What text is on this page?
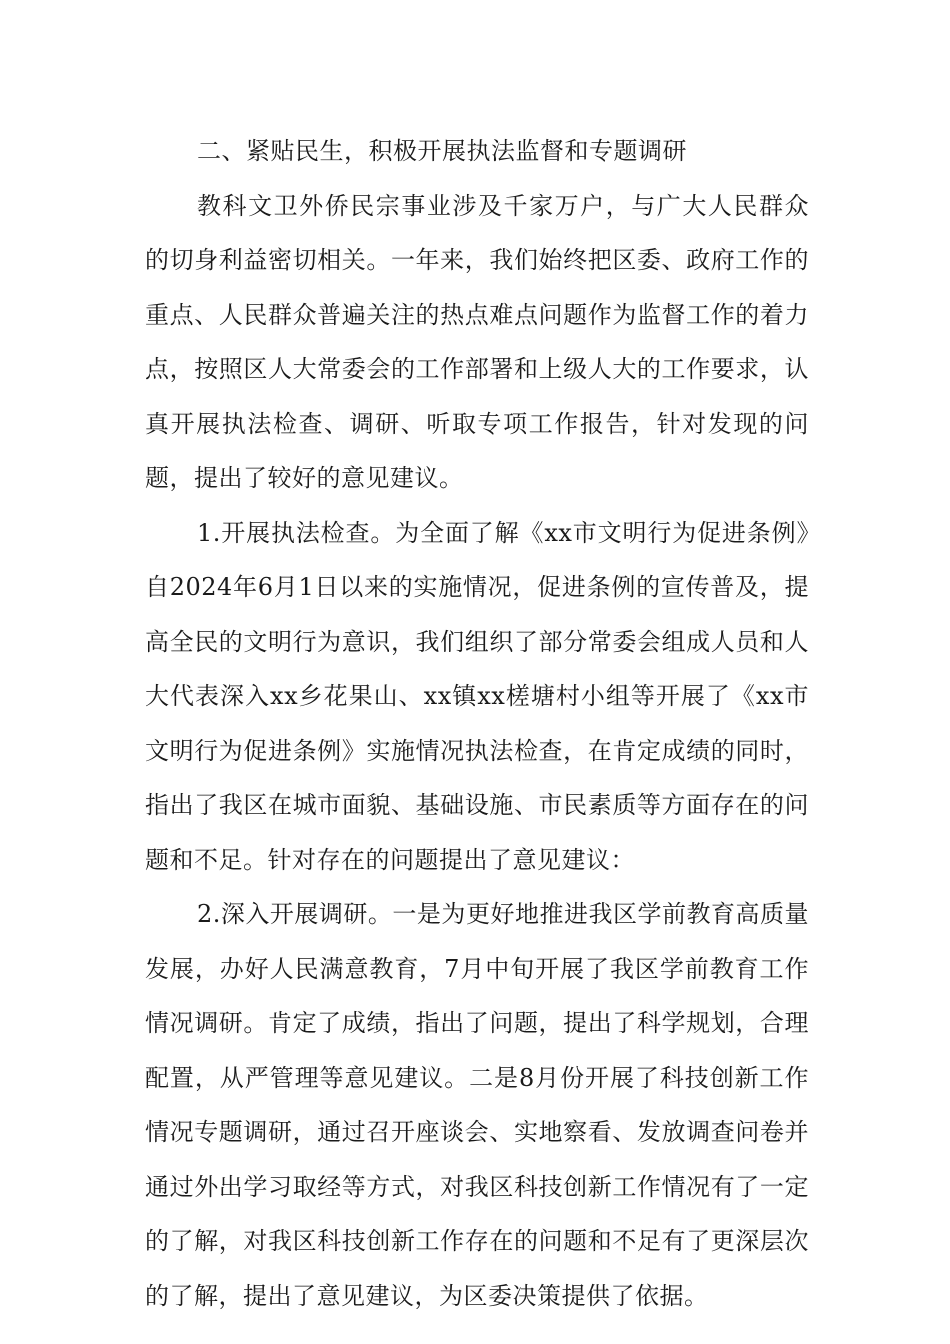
二、紧贴民生，积极开展执法监督和专题调研

教科文卫外侨民宗事业涉及千家万户，与广大人民群众的切身利益密切相关。一年来，我们始终把区委、政府工作的重点、人民群众普遍关注的热点难点问题作为监督工作的着力点，按照区人大常委会的工作部署和上级人大的工作要求，认真开展执法检查、调研、听取专项工作报告，针对发现的问题，提出了较好的意见建议。

1.开展执法检查。为全面了解《xx市文明行为促进条例》自2024年6月1日以来的实施情况，促进条例的宣传普及，提高全民的文明行为意识，我们组织了部分常委会组成人员和人大代表深入xx乡花果山、xx镇xx槎塘村小组等开展了《xx市文明行为促进条例》实施情况执法检查，在肯定成绩的同时，指出了我区在城市面貌、基础设施、市民素质等方面存在的问题和不足。针对存在的问题提出了意见建议：

2.深入开展调研。一是为更好地推进我区学前教育高质量发展，办好人民满意教育，7月中旬开展了我区学前教育工作情况调研。肯定了成绩，指出了问题，提出了科学规划，合理配置，从严管理等意见建议。二是8月份开展了科技创新工作情况专题调研，通过召开座谈会、实地察看、发放调查问卷并通过外出学习取经等方式，对我区科技创新工作情况有了一定的了解，对我区科技创新工作存在的问题和不足有了更深层次的了解，提出了意见建议，为区委决策提供了依据。
